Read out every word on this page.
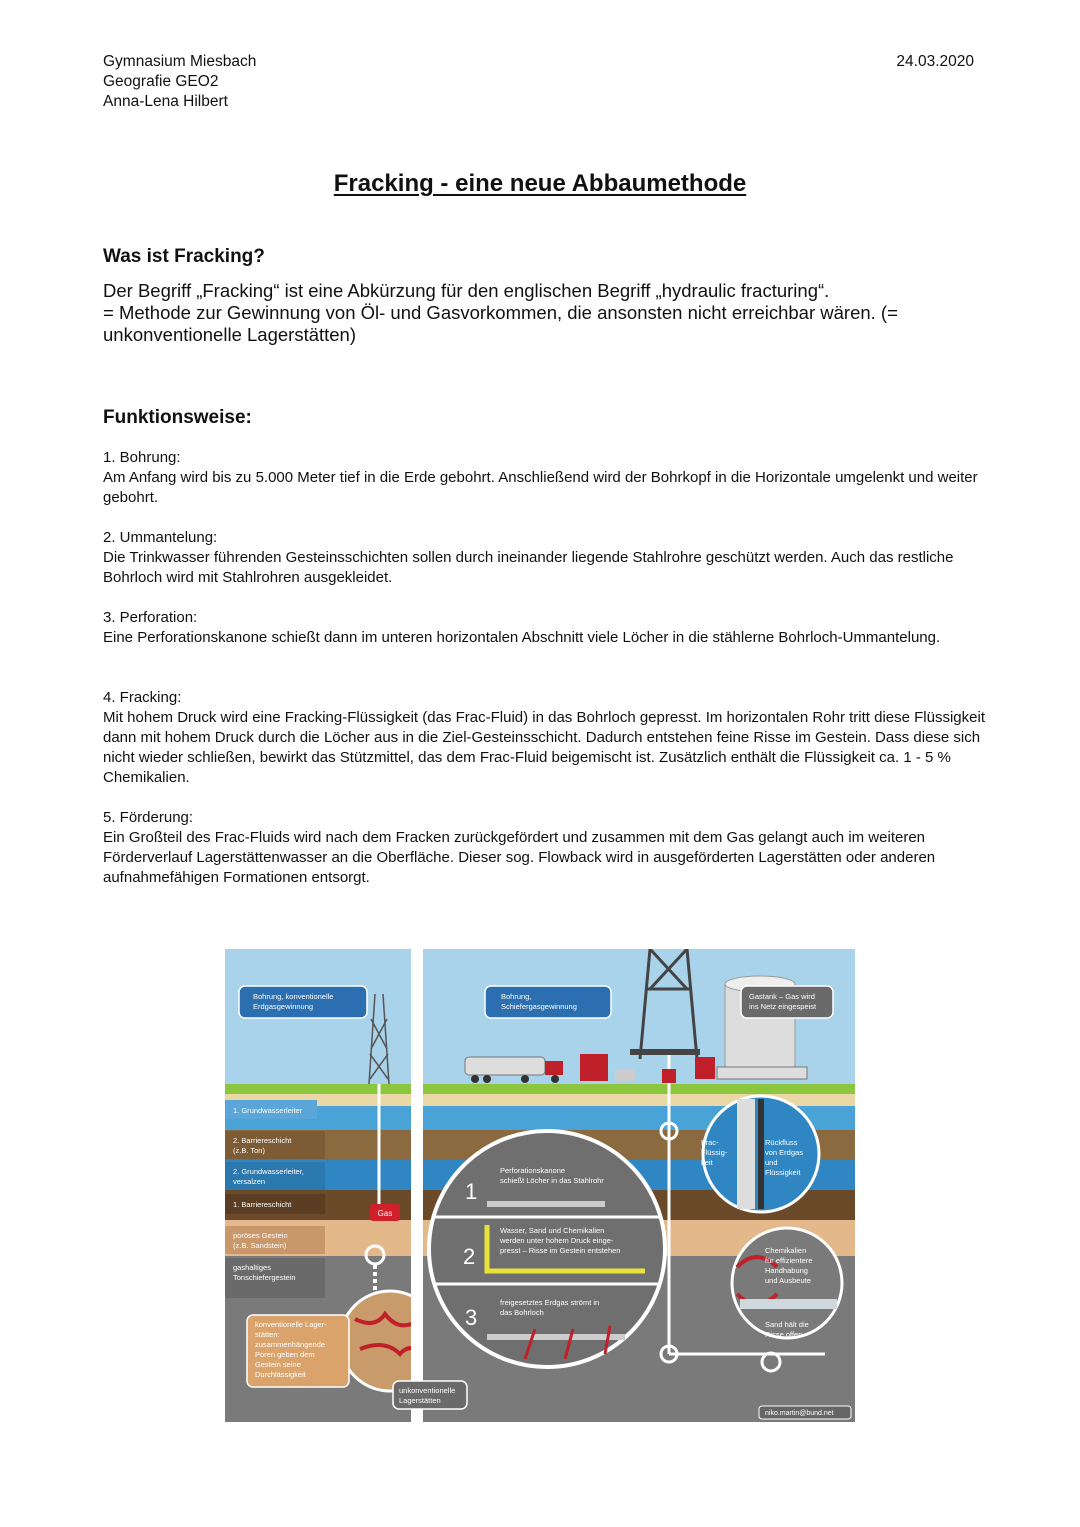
Gymnasium Miesbach
Geografie GEO2
Anna-Lena Hilbert
24.03.2020
Fracking - eine neue Abbaumethode
Was ist Fracking?
Der Begriff „Fracking“ ist eine Abkürzung für den englischen Begriff „hydraulic fracturing“.
= Methode zur Gewinnung von Öl- und Gasvorkommen, die ansonsten nicht erreichbar wären. (= unkonventionelle Lagerstätten)
Funktionsweise:

1. Bohrung:

Am Anfang wird bis zu 5.000 Meter tief in die Erde gebohrt. Anschließend wird der Bohrkopf in die Horizontale umgelenkt und weiter gebohrt.

2. Ummantelung:

Die Trinkwasser führenden Gesteinsschichten sollen durch ineinander liegende Stahlrohre geschützt werden. Auch das restliche Bohrloch wird mit Stahlrohren ausgekleidet.

3. Perforation:

Eine Perforationskanone schießt dann im unteren horizontalen Abschnitt viele Löcher in die stählerne Bohrloch-Ummantelung.

4. Fracking:

Mit hohem Druck wird eine Fracking-Flüssigkeit (das Frac-Fluid) in das Bohrloch gepresst. Im horizontalen Rohr tritt diese Flüssigkeit dann mit hohem Druck durch die Löcher aus in die Ziel-Gesteinsschicht. Dadurch entstehen feine Risse im Gestein. Dass diese sich nicht wieder schließen, bewirkt das Stützmittel, das dem Frac-Fluid beigemischt ist. Zusätzlich enthält die Flüssigkeit ca. 1 - 5 % Chemikalien.

5. Förderung:

Ein Großteil des Frac-Fluids wird nach dem Fracken zurückgefördert und zusammen mit dem Gas gelangt auch im weiteren Förderverlauf Lagerstättenwasser an die Oberfläche. Dieser sog. Flowback wird in ausgeförderten Lagerstätten oder anderen aufnahmefähigen Formationen entsorgt.

Gas
1. Grundwasserleiter
2. Barriereschicht
(z.B. Ton)
2. Grundwasserleiter,
versalzen
1. Barriereschicht
poröses Gestein
(z.B. Sandstein)
gashaltiges
Tonschiefergestein
Bohrung, konventionelle
Erdgasgewinnung
konventionelle Lager-
stätten:
zusammenhängende
Poren geben dem
Gestein seine
Durchlässigkeit
Bohrung,
Schiefergasgewinnung
Gastank – Gas wird
ins Netz eingespeist
1
2
3
Perforationskanone
schießt Löcher in das Stahlrohr
Wasser, Sand und Chemikalien
werden unter hohem Druck einge-
presst – Risse im Gestein entstehen
freigesetztes Erdgas strömt in
das Bohrloch
Frac-
Flüssig-
keit
Rückfluss
von Erdgas
und
Flüssigkeit
Chemikalien
für effizientere
Handhabung
und Ausbeute
Sand hält die
Risse offen
unkonventionelle
Lagerstätten
niko.martin@bund.net
